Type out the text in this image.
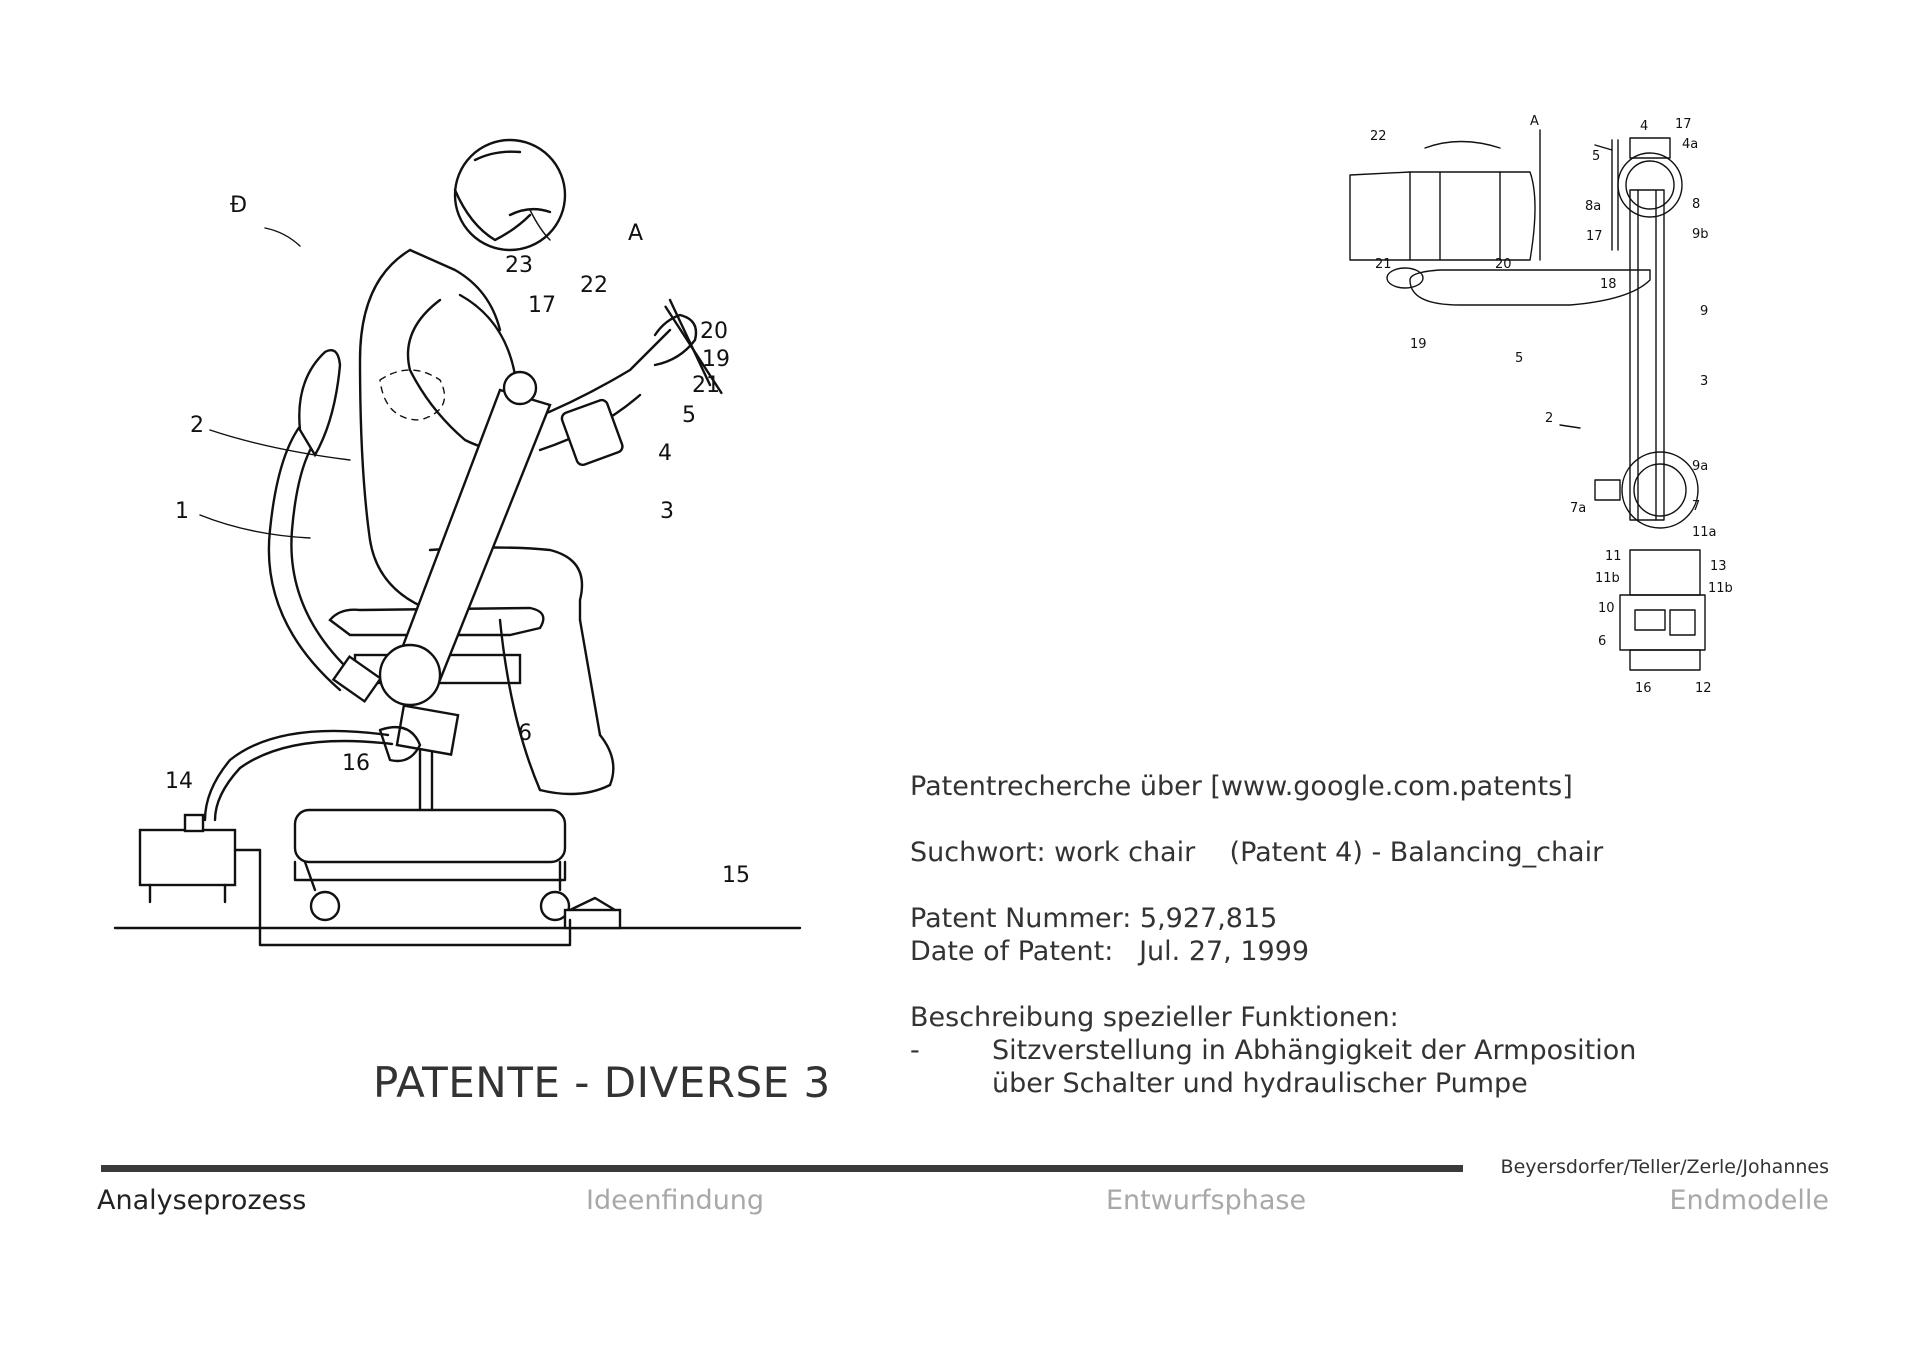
Đ
A
23
17
22
20
19
21
5
4
3
2
1
6
16
14
15
22
A
5
4 17
4a
8a
17
8
9b
21	20
18
19
5
9
3
2
9a
7a	7
11a
11
13
11b
11b
10
6
16	12

Patentrecherche über [www.google.com.patents]

Suchwort: work chair    (Patent 4) - Balancing_chair

Patent Nummer: 5,927,815

Date of Patent:   Jul. 27, 1999

Beschreibung spezieller Funktionen:

-	Sitzverstellung in Abhängigkeit der Armposition

über Schalter und hydraulischer Pumpe

PATENTE - DIVERSE 3
Beyersdorfer/Teller/Zerle/Johannes
Analyseprozess	Ideenfindung	Entwurfsphase	Endmodelle
